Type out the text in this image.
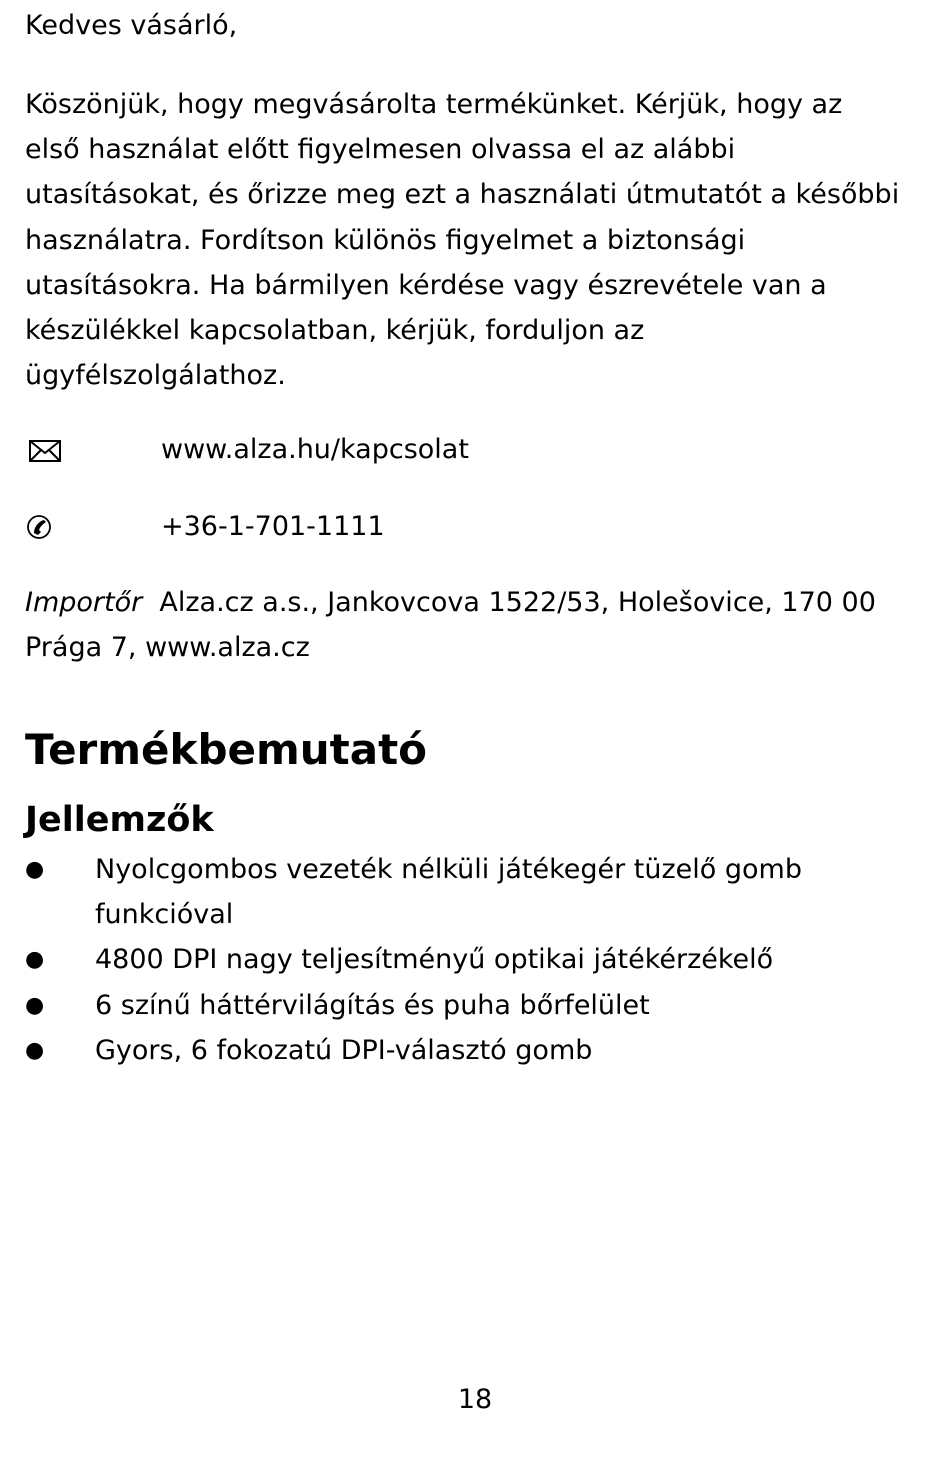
Kedves vásárló,

Köszönjük, hogy megvásárolta termékünket. Kérjük, hogy az első használat előtt figyelmesen olvassa el az alábbi utasításokat, és őrizze meg ezt a használati útmutatót a későbbi használatra. Fordítson különös figyelmet a biztonsági utasításokra. Ha bármilyen kérdése vagy észrevétele van a készülékkel kapcsolatban, kérjük, forduljon az ügyfélszolgálathoz.

www.alza.hu/kapcsolat
+36-1-701-1111

Importőr Alza.cz a.s., Jankovcova 1522/53, Holešovice, 170 00 Prága 7, www.alza.cz

Termékbemutató
Jellemzők
● Nyolcgombos vezeték nélküli játékegér tüzelő gomb funkcióval
● 4800 DPI nagy teljesítményű optikai játékérzékelő
● 6 színű háttérvilágítás és puha bőrfelület
● Gyors, 6 fokozatú DPI-választó gomb
18
